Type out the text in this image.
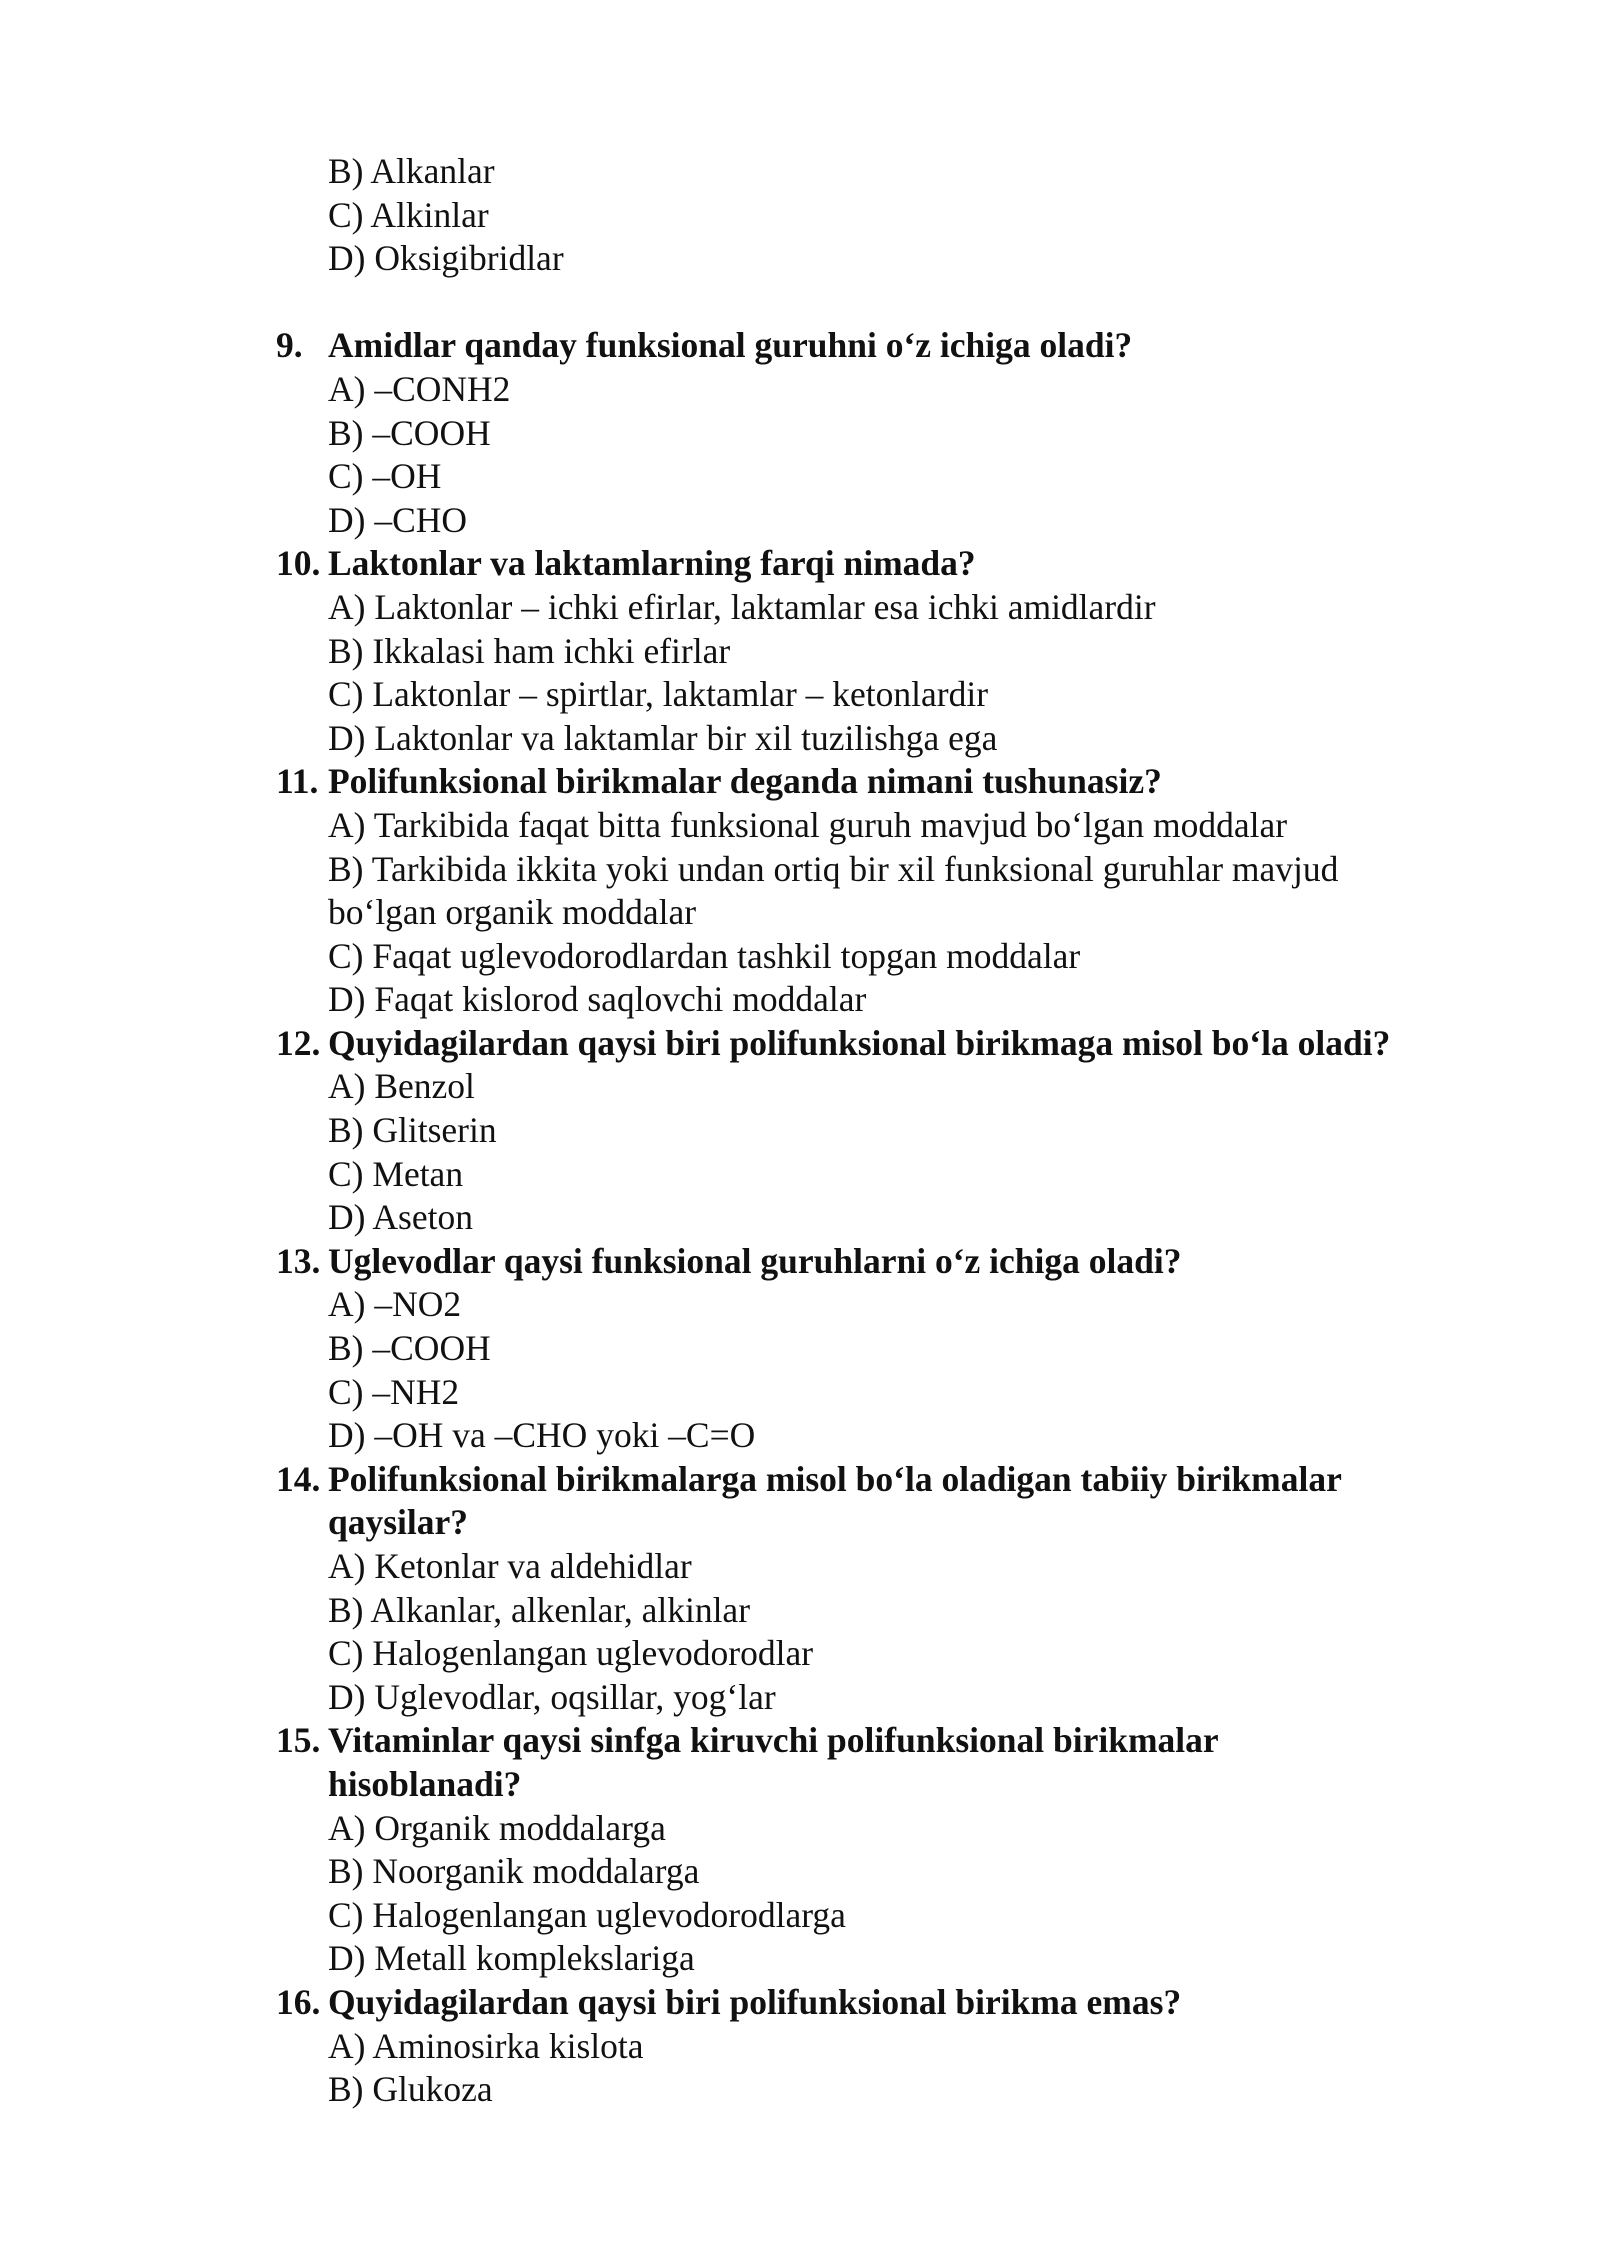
B) Alkanlar
C) Alkinlar
D) Oksigibridlar
9. Amidlar qanday funksional guruhni o‘z ichiga oladi?
A) –CONH2
B) –COOH
C) –OH
D) –CHO
10. Laktonlar va laktamlarning farqi nimada?
A) Laktonlar – ichki efirlar, laktamlar esa ichki amidlardir
B) Ikkalasi ham ichki efirlar
C) Laktonlar – spirtlar, laktamlar – ketonlardir
D) Laktonlar va laktamlar bir xil tuzilishga ega
11. Polifunksional birikmalar deganda nimani tushunasiz?
A) Tarkibida faqat bitta funksional guruh mavjud bo‘lgan moddalar
B) Tarkibida ikkita yoki undan ortiq bir xil funksional guruhlar mavjud
bo‘lgan organik moddalar
C) Faqat uglevodorodlardan tashkil topgan moddalar
D) Faqat kislorod saqlovchi moddalar
12. Quyidagilardan qaysi biri polifunksional birikmaga misol bo‘la oladi?
A) Benzol
B) Glitserin
C) Metan
D) Aseton
13. Uglevodlar qaysi funksional guruhlarni o‘z ichiga oladi?
A) –NO2
B) –COOH
C) –NH2
D) –OH va –CHO yoki –C=O
14. Polifunksional birikmalarga misol bo‘la oladigan tabiiy birikmalar
qaysilar?
A) Ketonlar va aldehidlar
B) Alkanlar, alkenlar, alkinlar
C) Halogenlangan uglevodorodlar
D) Uglevodlar, oqsillar, yog‘lar
15. Vitaminlar qaysi sinfga kiruvchi polifunksional birikmalar
hisoblanadi?
A) Organik moddalarga
B) Noorganik moddalarga
C) Halogenlangan uglevodorodlarga
D) Metall komplekslariga
16. Quyidagilardan qaysi biri polifunksional birikma emas?
A) Aminosirka kislota
B) Glukoza
